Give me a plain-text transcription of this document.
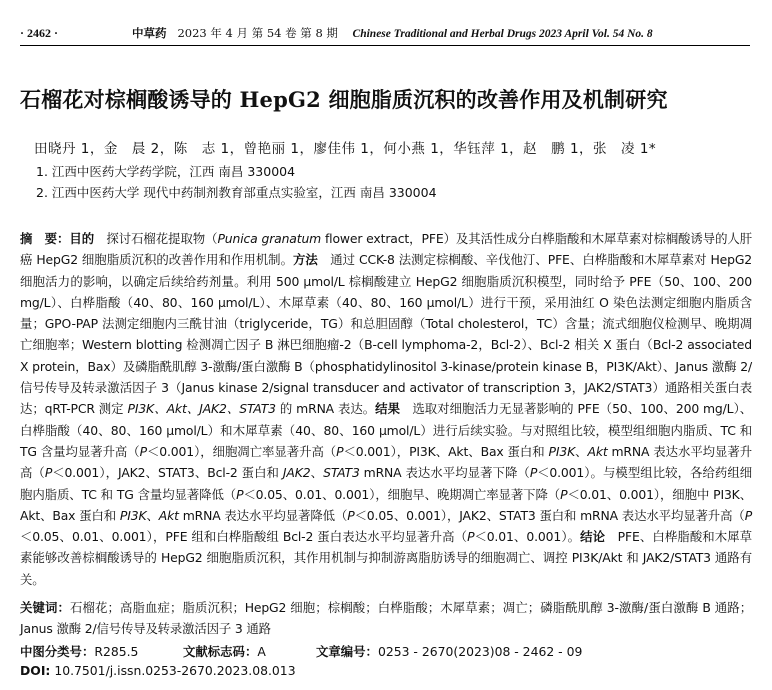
· 2462 ·	中草药 2023 年 4 月 第 54 卷 第 8 期 Chinese Traditional and Herbal Drugs 2023 April Vol. 54 No. 8
石榴花对棕榈酸诱导的 HepG2 细胞脂质沉积的改善作用及机制研究
田晓丹 1，金　晨 2，陈　志 1，曾艳丽 1，廖佳伟 1，何小燕 1，华钰萍 1，赵　鹏 1，张　凌 1*
1. 江西中医药大学药学院，江西 南昌 330004
2. 江西中医药大学 现代中药制剂教育部重点实验室，江西 南昌 330004
摘　要：目的　探讨石榴花提取物（Punica granatum flower extract，PFE）及其活性成分白桦脂酸和木犀草素对棕榈酸诱导的人肝癌 HepG2 细胞脂质沉积的改善作用和作用机制。方法　通过 CCK-8 法测定棕榈酸、辛伐他汀、PFE、白桦脂酸和木犀草素对 HepG2 细胞活力的影响，以确定后续给药剂量。利用 500 μmol/L 棕榈酸建立 HepG2 细胞脂质沉积模型，同时给予 PFE（50、100、200 mg/L）、白桦脂酸（40、80、160 μmol/L）、木犀草素（40、80、160 μmol/L）进行干预，采用油红 O 染色法测定细胞内脂质含量；GPO-PAP 法测定细胞内三酰甘油（triglyceride，TG）和总胆固醇（Total cholesterol，TC）含量；流式细胞仪检测早、晚期凋亡细胞率；Western blotting 检测凋亡因子 B 淋巴细胞瘤-2（B-cell lymphoma-2，Bcl-2）、Bcl-2 相关 X 蛋白（Bcl-2 associated X protein，Bax）及磷脂酰肌醇 3-激酶/蛋白激酶 B（phosphatidylinositol 3-kinase/protein kinase B，PI3K/Akt）、Janus 激酶 2/信号传导及转录激活因子 3（Janus kinase 2/signal transducer and activator of transcription 3，JAK2/STAT3）通路相关蛋白表达；qRT-PCR 测定 PI3K、Akt、JAK2、STAT3 的 mRNA 表达。结果　选取对细胞活力无显著影响的 PFE（50、100、200 mg/L）、白桦脂酸（40、80、160 μmol/L）和木犀草素（40、80、160 μmol/L）进行后续实验。与对照组比较，模型组细胞内脂质、TC 和 TG 含量均显著升高（P＜0.001），细胞凋亡率显著升高（P＜0.001），PI3K、Akt、Bax 蛋白和 PI3K、Akt mRNA 表达水平均显著升高（P＜0.001），JAK2、STAT3、Bcl-2 蛋白和 JAK2、STAT3 mRNA 表达水平均显著下降（P＜0.001）。与模型组比较，各给药组细胞内脂质、TC 和 TG 含量均显著降低（P＜0.05、0.01、0.001），细胞早、晚期凋亡率显著下降（P＜0.01、0.001），细胞中 PI3K、Akt、Bax 蛋白和 PI3K、Akt mRNA 表达水平均显著降低（P＜0.05、0.001），JAK2、STAT3 蛋白和 mRNA 表达水平均显著升高（P＜0.05、0.01、0.001），PFE 组和白桦脂酸组 Bcl-2 蛋白表达水平均显著升高（P＜0.01、0.001）。结论　PFE、白桦脂酸和木犀草素能够改善棕榈酸诱导的 HepG2 细胞脂质沉积，其作用机制与抑制游离脂肪诱导的细胞凋亡、调控 PI3K/Akt 和 JAK2/STAT3 通路有关。
关键词：石榴花；高脂血症；脂质沉积；HepG2 细胞；棕榈酸；白桦脂酸；木犀草素；凋亡；磷脂酰肌醇 3-激酶/蛋白激酶 B 通路；Janus 激酶 2/信号传导及转录激活因子 3 通路
中图分类号：R285.5	文献标志码：A	文章编号：0253 - 2670(2023)08 - 2462 - 09
DOI: 10.7501/j.issn.0253-2670.2023.08.013
